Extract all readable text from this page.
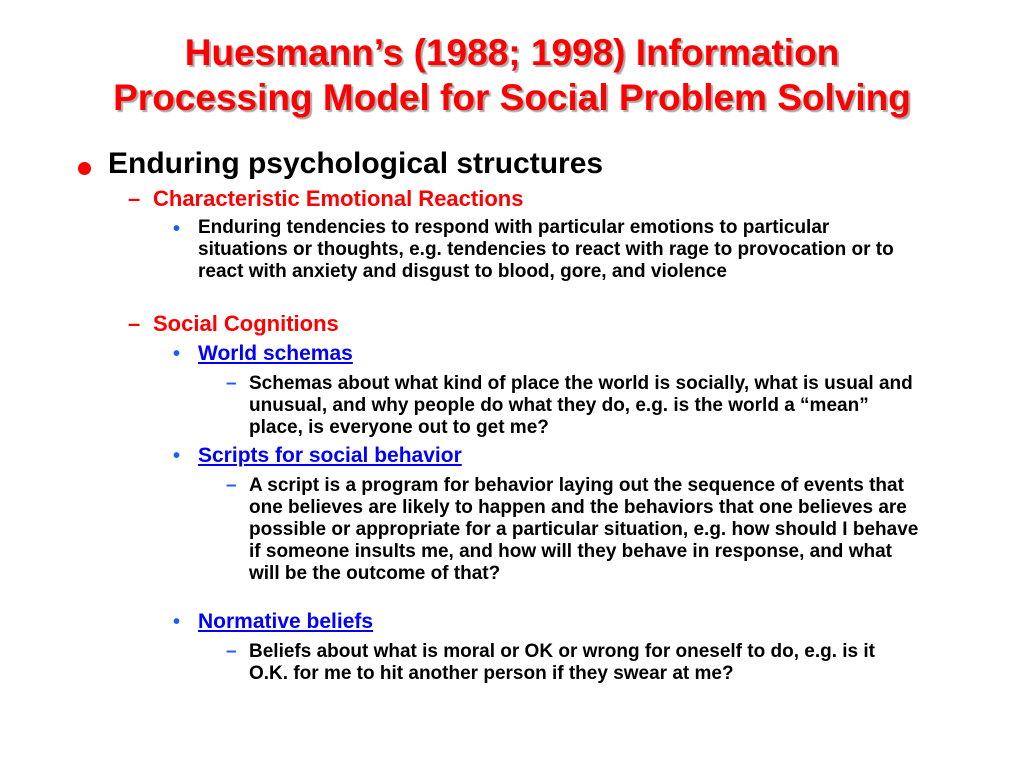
Huesmann’s (1988; 1998) Information
Processing Model for Social Problem Solving
Enduring psychological structures
– Characteristic Emotional Reactions
• Enduring tendencies to respond with particular emotions to particular situations or thoughts, e.g. tendencies to react with rage to provocation or to react with anxiety and disgust to blood, gore, and violence
– Social Cognitions
• World schemas
– Schemas about what kind of place the world is socially, what is usual and unusual, and why people do what they do, e.g. is the world a “mean” place, is everyone out to get me?
• Scripts for social behavior
– A script is a program for behavior laying out the sequence of events that one believes are likely to happen and the behaviors that one believes are possible or appropriate for a particular situation, e.g. how should I behave if someone insults me, and how will they behave in response, and what will be the outcome of that?
• Normative beliefs
– Beliefs about what is moral or OK or wrong for oneself to do, e.g. is it O.K. for me to hit another person if they swear at me?
